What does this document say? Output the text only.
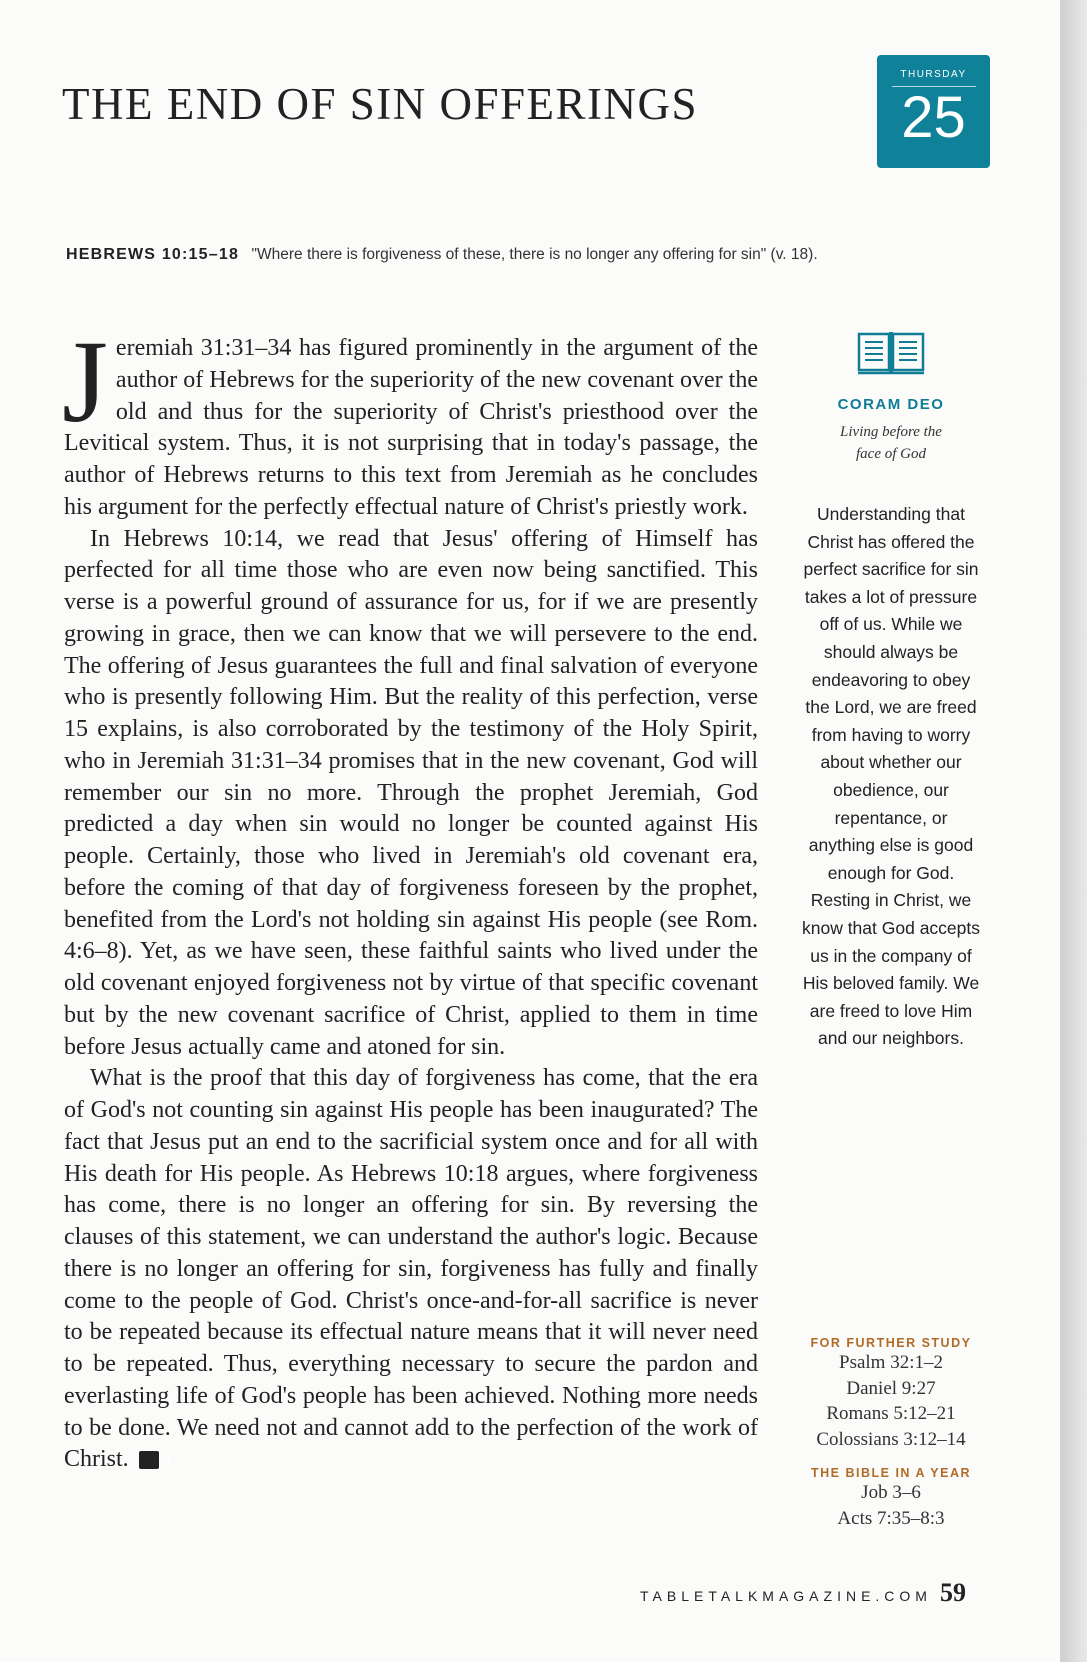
THE END OF SIN OFFERINGS
THURSDAY
25
HEBREWS 10:15–18 "Where there is forgiveness of these, there is no longer any offering for sin" (v. 18).

Jeremiah 31:31–34 has figured prominently in the argument of the author of Hebrews for the superiority of the new covenant over the old and thus for the superiority of Christ's priesthood over the Levitical system. Thus, it is not surprising that in today's passage, the author of Hebrews returns to this text from Jeremiah as he concludes his argument for the perfectly effectual nature of Christ's priestly work.

In Hebrews 10:14, we read that Jesus' offering of Himself has perfected for all time those who are even now being sanctified. This verse is a powerful ground of assurance for us, for if we are presently growing in grace, then we can know that we will persevere to the end. The offering of Jesus guarantees the full and final salvation of everyone who is presently following Him. But the reality of this perfection, verse 15 explains, is also corroborated by the testimony of the Holy Spirit, who in Jeremiah 31:31–34 promises that in the new covenant, God will remember our sin no more. Through the prophet Jeremiah, God predicted a day when sin would no longer be counted against His people. Certainly, those who lived in Jeremiah's old covenant era, before the coming of that day of forgiveness foreseen by the prophet, benefited from the Lord's not holding sin against His people (see Rom. 4:6–8). Yet, as we have seen, these faithful saints who lived under the old covenant enjoyed forgiveness not by virtue of that specific covenant but by the new covenant sacrifice of Christ, applied to them in time before Jesus actually came and atoned for sin.

What is the proof that this day of forgiveness has come, that the era of God's not counting sin against His people has been inaugurated? The fact that Jesus put an end to the sacrificial system once and for all with His death for His people. As Hebrews 10:18 argues, where forgiveness has come, there is no longer an offering for sin. By reversing the clauses of this statement, we can understand the author's logic. Because there is no longer an offering for sin, forgiveness has fully and finally come to the people of God. Christ's once-and-for-all sacrifice is never to be repeated because its effectual nature means that it will never need to be repeated. Thus, everything necessary to secure the pardon and everlasting life of God's people has been achieved. Nothing more needs to be done. We need not and cannot add to the perfection of the work of Christ.	T

CORAM DEO
Living before the
face of God
Understanding that Christ has offered the perfect sacrifice for sin takes a lot of pressure off of us. While we should always be endeavoring to obey the Lord, we are freed from having to worry about whether our obedience, our repentance, or anything else is good enough for God. Resting in Christ, we know that God accepts us in the company of His beloved family. We are freed to love Him and our neighbors.
FOR FURTHER STUDY
Psalm 32:1–2
Daniel 9:27
Romans 5:12–21
Colossians 3:12–14
THE BIBLE IN A YEAR
Job 3–6
Acts 7:35–8:3
TABLETALKMAGAZINE.COM 59
